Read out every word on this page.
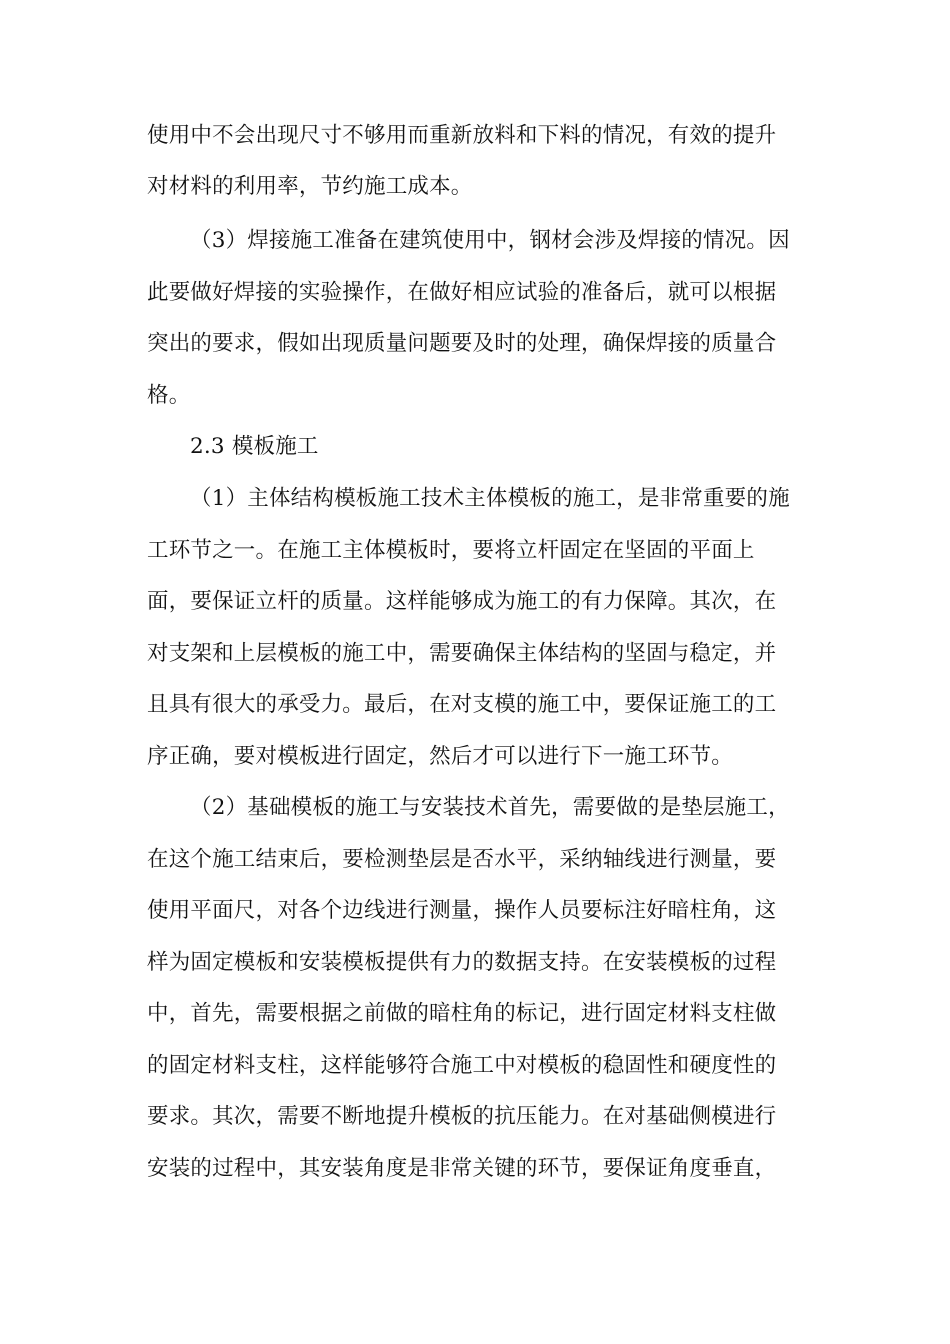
使用中不会出现尺寸不够用而重新放料和下料的情况，有效的提升
对材料的利用率，节约施工成本。
（3）焊接施工准备在建筑使用中，钢材会涉及焊接的情况。因
此要做好焊接的实验操作，在做好相应试验的准备后，就可以根据
突出的要求，假如出现质量问题要及时的处理，确保焊接的质量合
格。
2.3 模板施工
（1）主体结构模板施工技术主体模板的施工，是非常重要的施
工环节之一。在施工主体模板时，要将立杆固定在坚固的平面上
面，要保证立杆的质量。这样能够成为施工的有力保障。其次，在
对支架和上层模板的施工中，需要确保主体结构的坚固与稳定，并
且具有很大的承受力。最后，在对支模的施工中，要保证施工的工
序正确，要对模板进行固定，然后才可以进行下一施工环节。
（2）基础模板的施工与安装技术首先，需要做的是垫层施工，
在这个施工结束后，要检测垫层是否水平，采纳轴线进行测量，要
使用平面尺，对各个边线进行测量，操作人员要标注好暗柱角，这
样为固定模板和安装模板提供有力的数据支持。在安装模板的过程
中，首先，需要根据之前做的暗柱角的标记，进行固定材料支柱做
的固定材料支柱，这样能够符合施工中对模板的稳固性和硬度性的
要求。其次，需要不断地提升模板的抗压能力。在对基础侧模进行
安装的过程中，其安装角度是非常关键的环节，要保证角度垂直，
